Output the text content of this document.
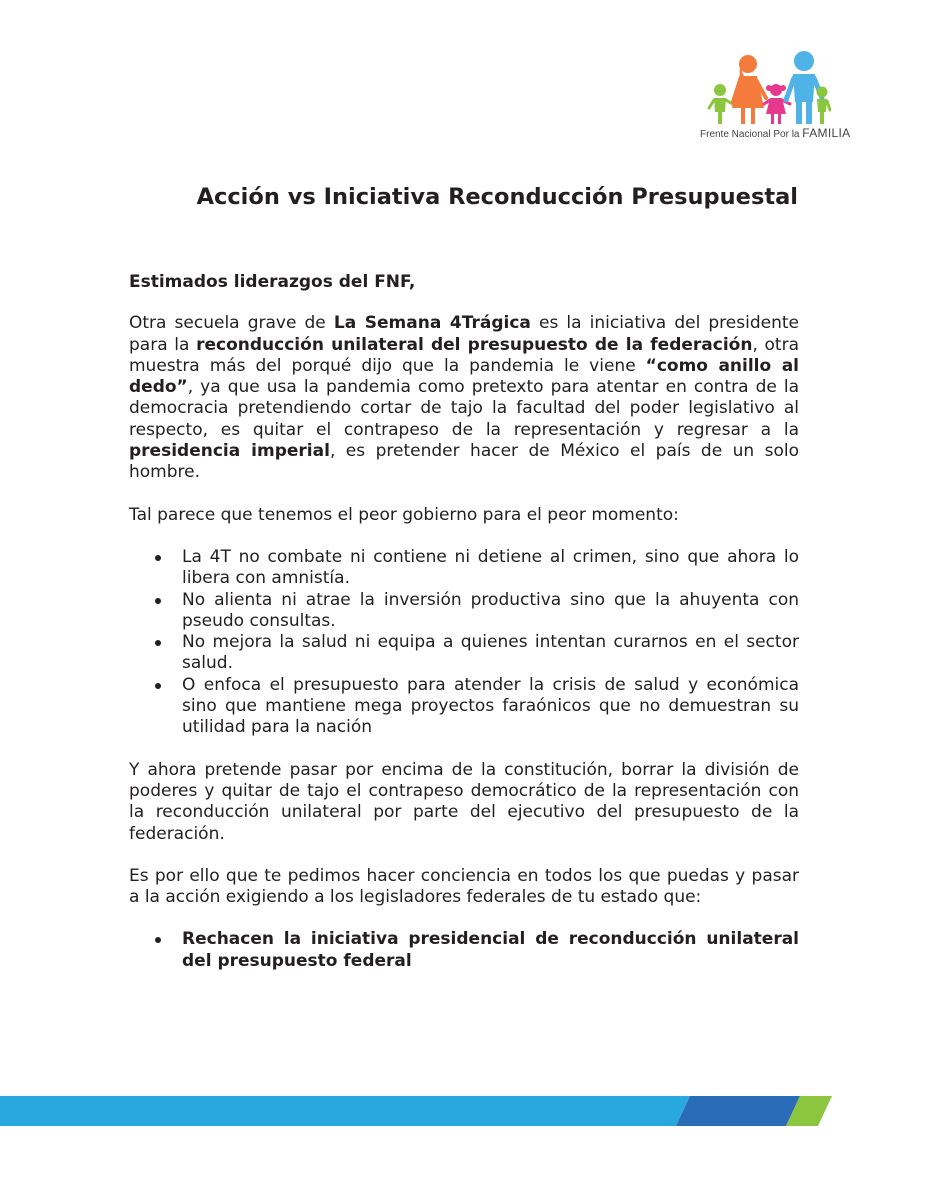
Frente Nacional Por la FAMILIA
Acción vs Iniciativa Reconducción Presupuestal

Estimados liderazgos del FNF,

Otra secuela grave de La Semana 4Trágica es la iniciativa del presidente para la reconducción unilateral del presupuesto de la federación, otra muestra más del porqué dijo que la pandemia le viene “como anillo al dedo”, ya que usa la pandemia como pretexto para atentar en contra de la democracia pretendiendo cortar de tajo la facultad del poder legislativo al respecto, es quitar el contrapeso de la representación y regresar a la presidencia imperial, es pretender hacer de México el país de un solo hombre.

Tal parece que tenemos el peor gobierno para el peor momento:

La 4T no combate ni contiene ni detiene al crimen, sino que ahora lo libera con amnistía.
No alienta ni atrae la inversión productiva sino que la ahuyenta con pseudo consultas.
No mejora la salud ni equipa a quienes intentan curarnos en el sector salud.
O enfoca el presupuesto para atender la crisis de salud y económica sino que mantiene mega proyectos faraónicos que no demuestran su utilidad para la nación

Y ahora pretende pasar por encima de la constitución, borrar la división de poderes y quitar de tajo el contrapeso democrático de la representación con la reconducción unilateral por parte del ejecutivo del presupuesto de la federación.

Es por ello que te pedimos hacer conciencia en todos los que puedas y pasar a la acción exigiendo a los legisladores federales de tu estado que:

Rechacen la iniciativa presidencial de reconducción unilateral del presupuesto federal
